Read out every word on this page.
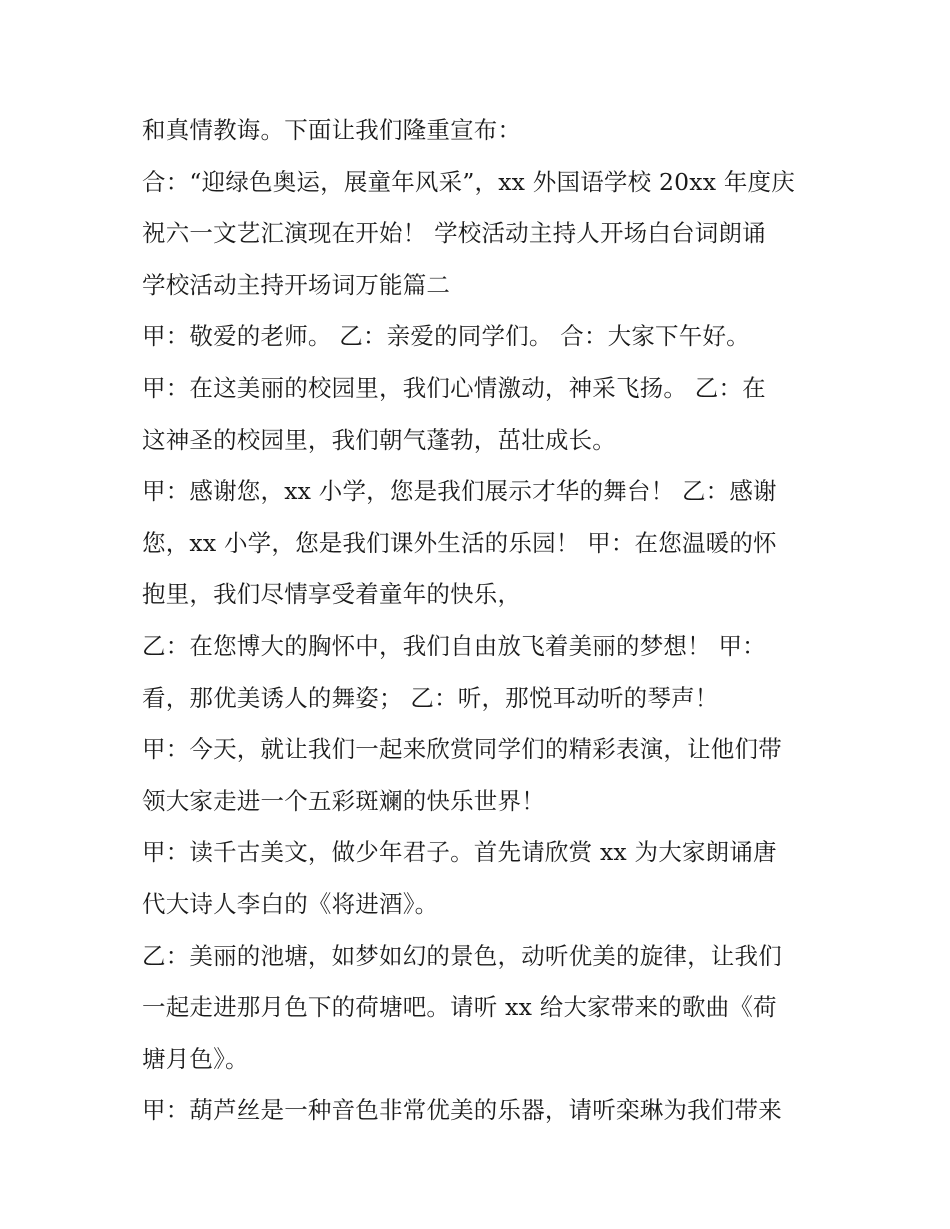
和真情教诲。下面让我们隆重宣布：
合：“迎绿色奥运，展童年风采”，xx 外国语学校 20xx 年度庆
祝六一文艺汇演现在开始！ 学校活动主持人开场白台词朗诵
学校活动主持开场词万能篇二
甲：敬爱的老师。 乙：亲爱的同学们。 合：大家下午好。
甲：在这美丽的校园里，我们心情激动，神采飞扬。 乙：在
这神圣的校园里，我们朝气蓬勃，茁壮成长。
甲：感谢您，xx 小学，您是我们展示才华的舞台！ 乙：感谢
您，xx 小学，您是我们课外生活的乐园！ 甲：在您温暖的怀
抱里，我们尽情享受着童年的快乐，
乙：在您博大的胸怀中，我们自由放飞着美丽的梦想！ 甲：
看，那优美诱人的舞姿； 乙：听，那悦耳动听的琴声！
甲：今天，就让我们一起来欣赏同学们的精彩表演，让他们带
领大家走进一个五彩斑斓的快乐世界！
甲：读千古美文，做少年君子。首先请欣赏 xx 为大家朗诵唐
代大诗人李白的《将进酒》。
乙：美丽的池塘，如梦如幻的景色，动听优美的旋律，让我们
一起走进那月色下的荷塘吧。请听 xx 给大家带来的歌曲《荷
塘月色》。
甲：葫芦丝是一种音色非常优美的乐器，请听栾琳为我们带来
